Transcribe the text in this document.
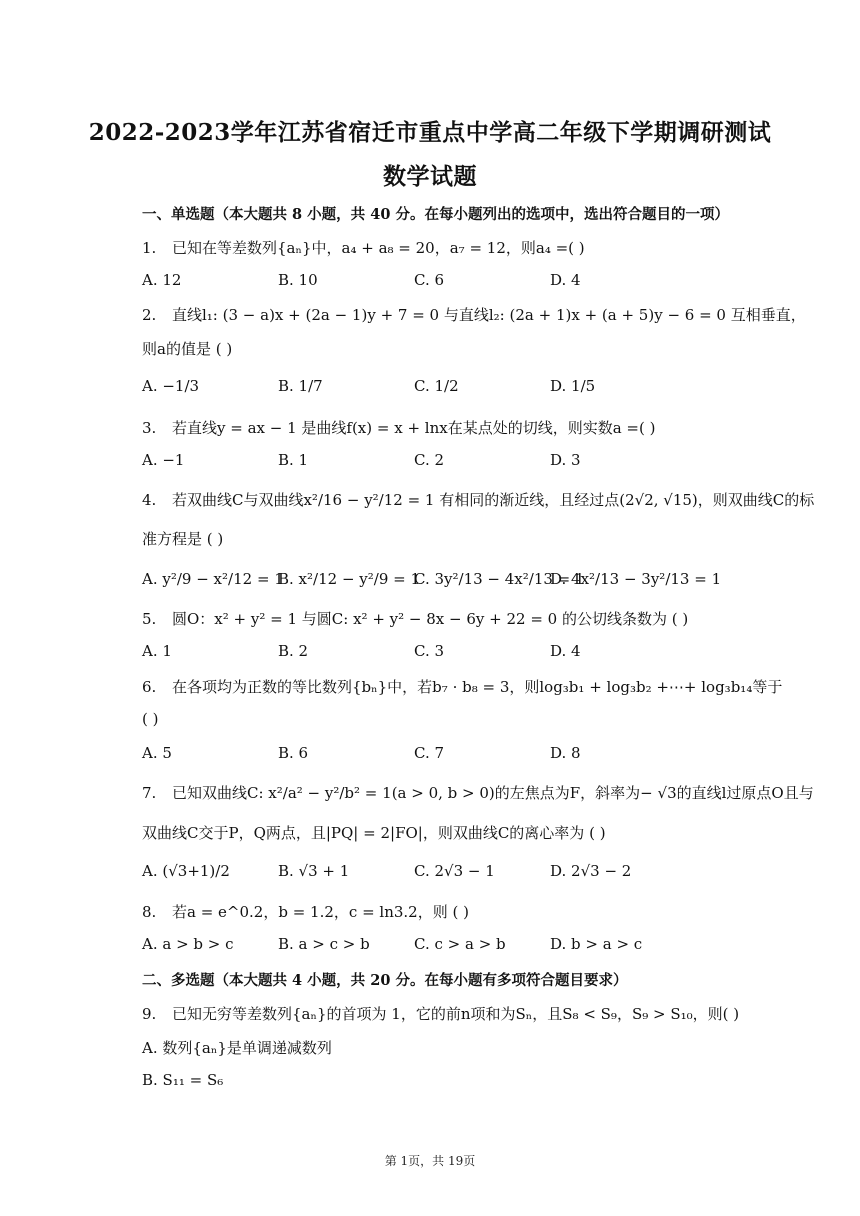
2022-2023学年江苏省宿迁市重点中学高二年级下学期调研测试
数学试题
一、单选题（本大题共 8 小题，共 40 分。在每小题列出的选项中，选出符合题目的一项）
1. 已知在等差数列{aₙ}中，a₄ + a₈ = 20，a₇ = 12，则a₄ =( )
A. 12	B. 10	C. 6	D. 4
2. 直线l₁: (3 − a)x + (2a − 1)y + 7 = 0 与直线l₂: (2a + 1)x + (a + 5)y − 6 = 0 互相垂直，
则a的值是 ( )
A. −1/3	B. 1/7	C. 1/2	D. 1/5
3. 若直线y = ax − 1 是曲线f(x) = x + lnx在某点处的切线，则实数a =( )
A. −1	B. 1	C. 2	D. 3
4. 若双曲线C与双曲线x²/16 − y²/12 = 1 有相同的渐近线，且经过点(2√2, √15)，则双曲线C的标
准方程是 ( )
A. y²/9 − x²/12 = 1
B. x²/12 − y²/9 = 1
C. 3y²/13 − 4x²/13 = 1
D. 4x²/13 − 3y²/13 = 1
5. 圆O：x² + y² = 1 与圆C: x² + y² − 8x − 6y + 22 = 0 的公切线条数为 ( )
A. 1	B. 2	C. 3	D. 4
6. 在各项均为正数的等比数列{bₙ}中，若b₇ · b₈ = 3，则log₃b₁ + log₃b₂ +⋯+ log₃b₁₄等于
( )
A. 5	B. 6	C. 7	D. 8
7. 已知双曲线C: x²/a² − y²/b² = 1(a > 0, b > 0)的左焦点为F，斜率为− √3的直线l过原点O且与
双曲线C交于P，Q两点，且|PQ| = 2|FO|，则双曲线C的离心率为 ( )
A. (√3+1)/2	B. √3 + 1	C. 2√3 − 1	D. 2√3 − 2
8. 若a = e^0.2，b = 1.2，c = ln3.2，则 ( )
A. a > b > c	B. a > c > b	C. c > a > b	D. b > a > c
二、多选题（本大题共 4 小题，共 20 分。在每小题有多项符合题目要求）
9. 已知无穷等差数列{aₙ}的首项为 1，它的前n项和为Sₙ，且S₈ < S₉，S₉ > S₁₀，则( )
A. 数列{aₙ}是单调递减数列
B. S₁₁ = S₆
第 1页，共 19页
